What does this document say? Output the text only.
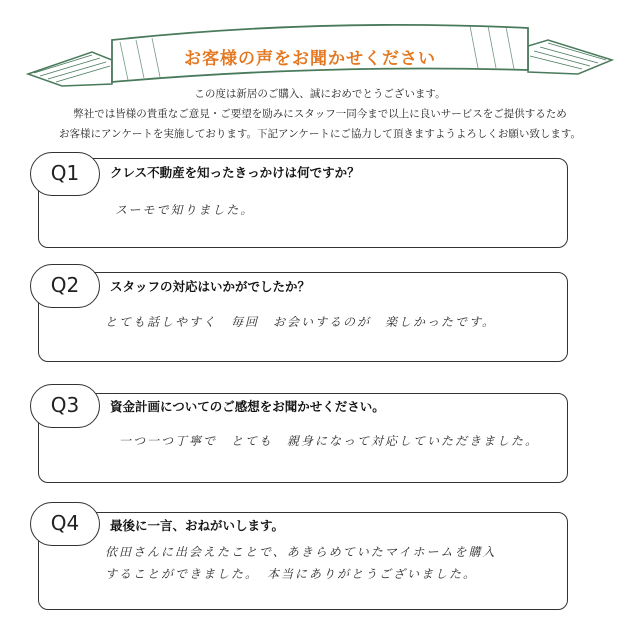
お客様の声をお聞かせください
この度は新居のご購入、誠におめでとうございます。
弊社では皆様の貴重なご意見・ご要望を励みにスタッフ一同今まで以上に良いサービスをご提供するため
お客様にアンケートを実施しております。下記アンケートにご協力して頂きますようよろしくお願い致します。
スーモで知りました。
Q1	クレス不動産を知ったきっかけは何ですか？
とても話しやすく　毎回　お会いするのが　楽しかったです。
Q2	スタッフの対応はいかがでしたか？
一つ一つ丁寧で　とても　親身になって対応していただきました。
Q3	資金計画についてのご感想をお聞かせください。
依田さんに出会えたことで、あきらめていたマイホームを購入
することができました。　本当にありがとうございました。
Q4	最後に一言、おねがいします。
